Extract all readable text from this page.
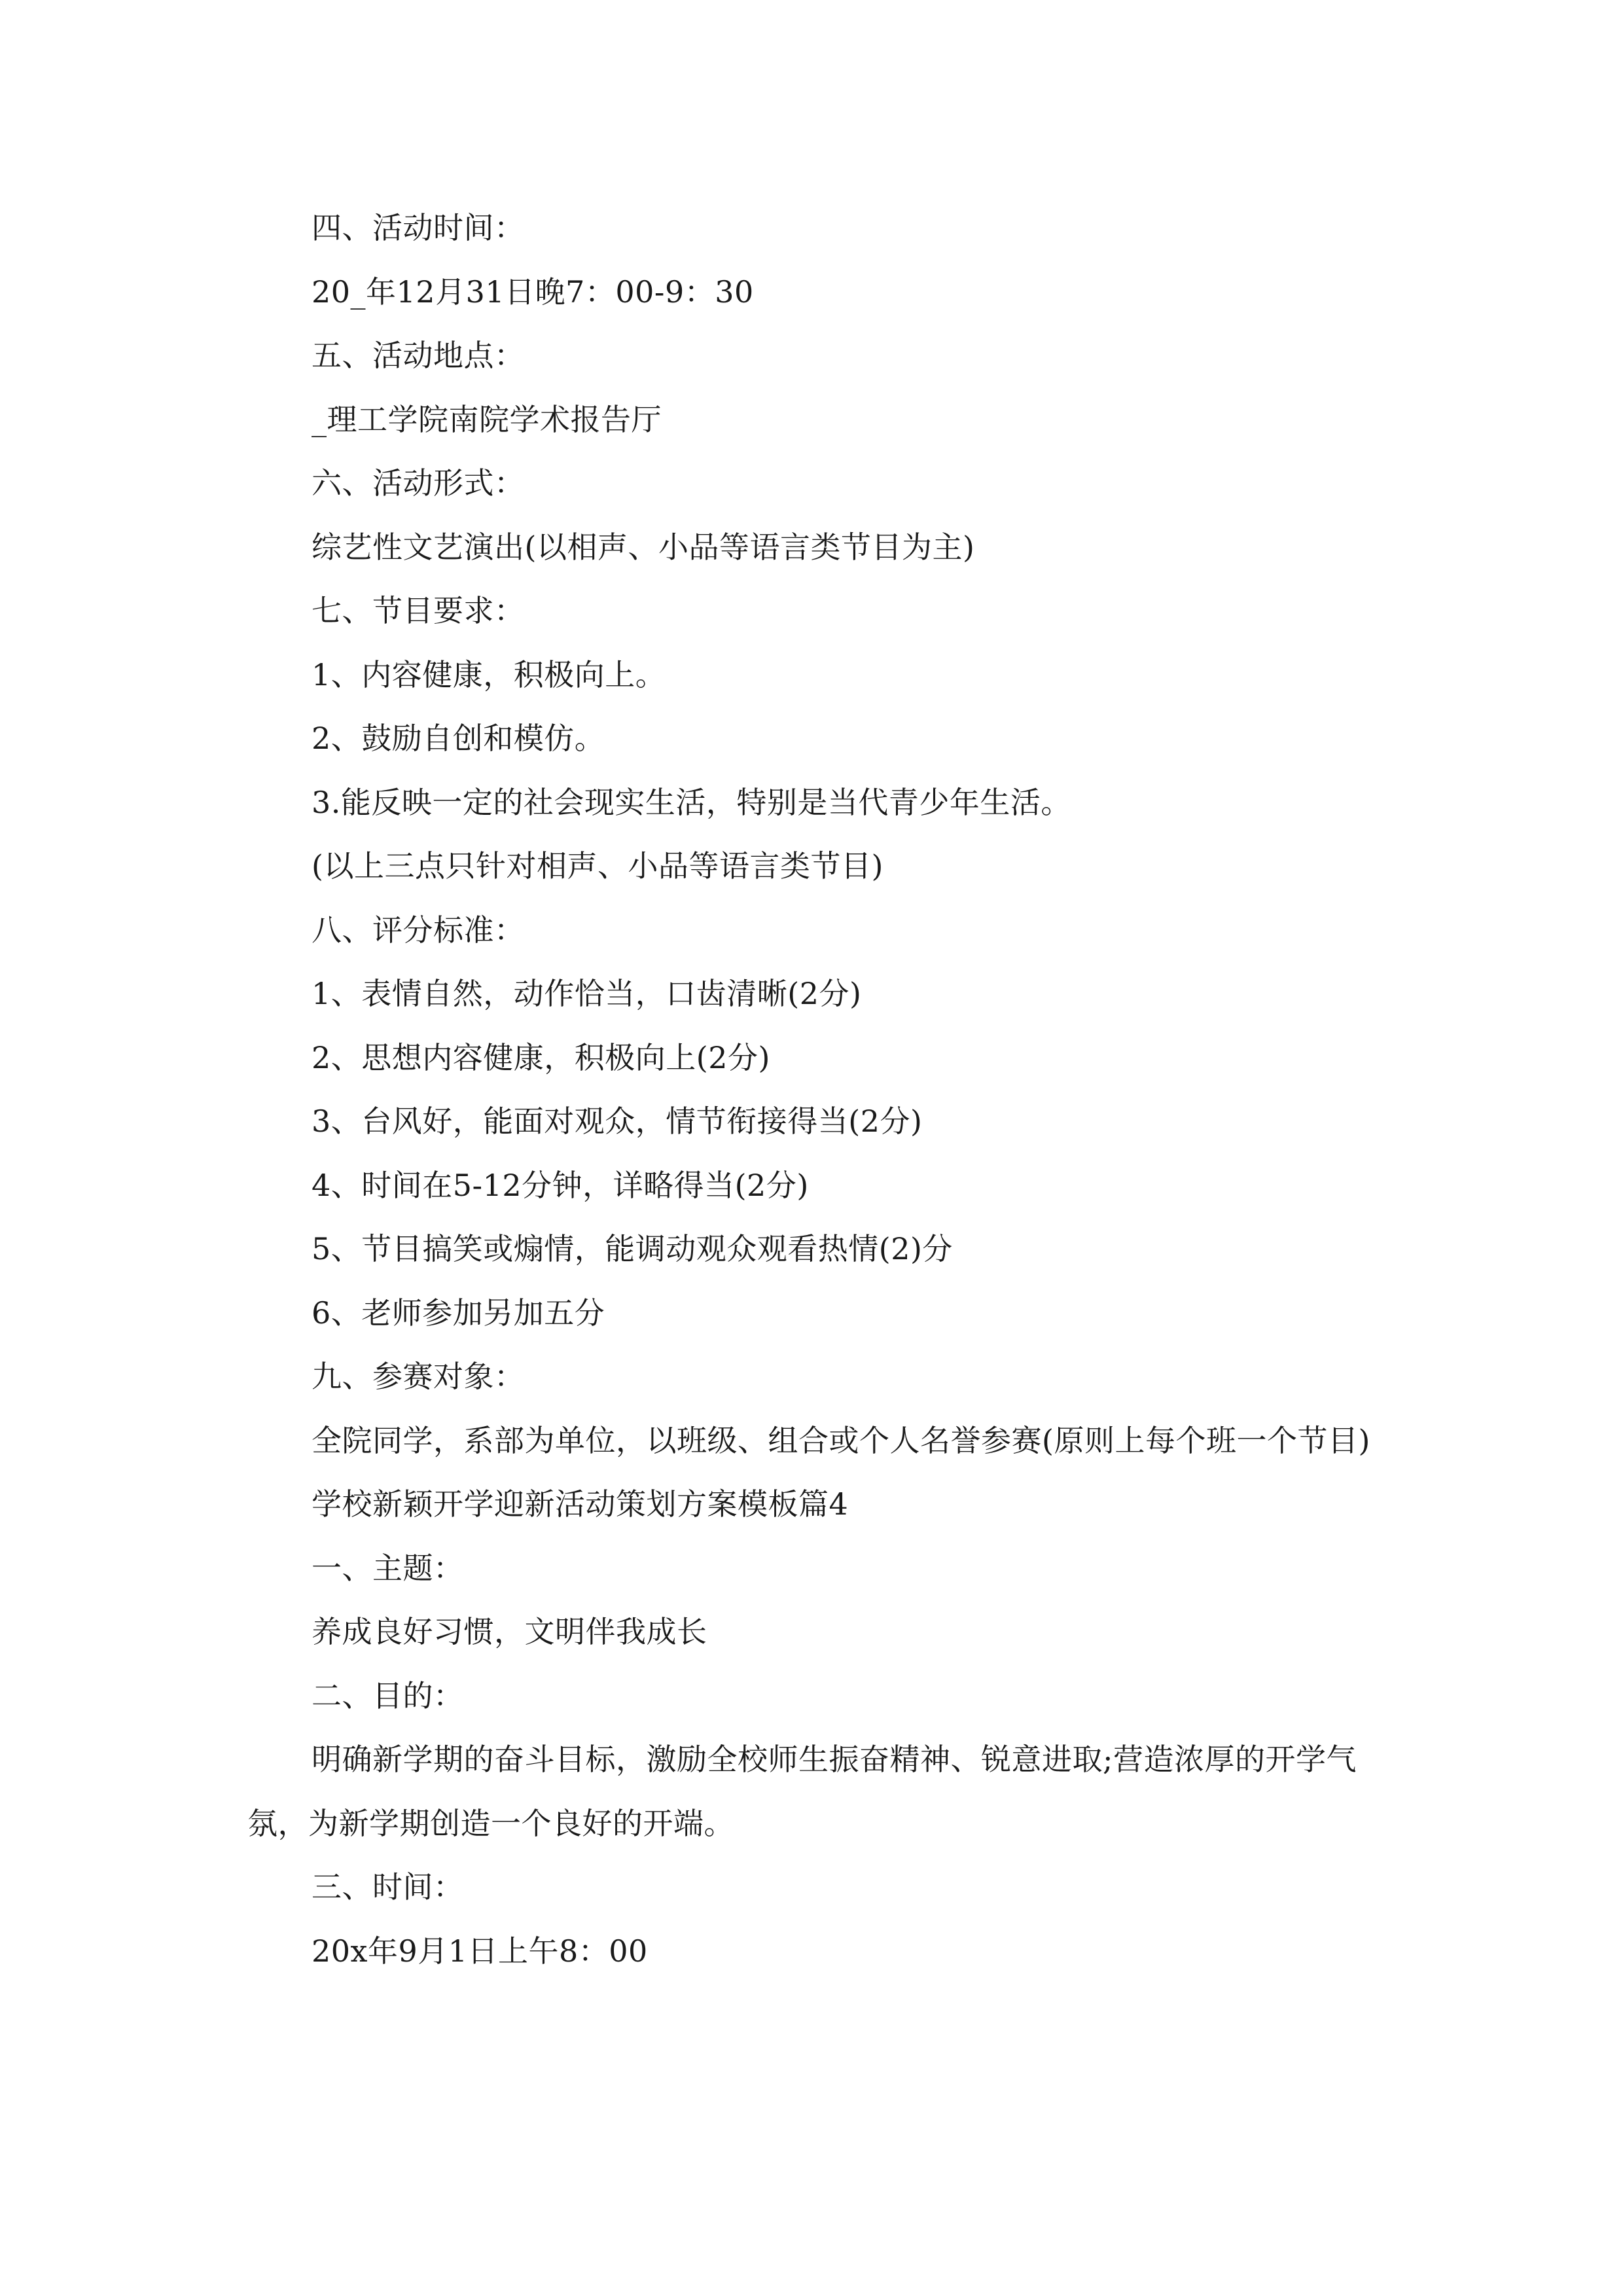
四、活动时间：

20_年12月31日晚7：00-9：30

五、活动地点：

_理工学院南院学术报告厅

六、活动形式：

综艺性文艺演出(以相声、小品等语言类节目为主)

七、节目要求：

1、内容健康，积极向上。

2、鼓励自创和模仿。

3.能反映一定的社会现实生活，特别是当代青少年生活。

(以上三点只针对相声、小品等语言类节目)

八、评分标准：

1、表情自然，动作恰当，口齿清晰(2分)

2、思想内容健康，积极向上(2分)

3、台风好，能面对观众，情节衔接得当(2分)

4、时间在5-12分钟，详略得当(2分)

5、节目搞笑或煽情，能调动观众观看热情(2)分

6、老师参加另加五分

九、参赛对象：

全院同学，系部为单位，以班级、组合或个人名誉参赛(原则上每个班一个节目)

学校新颖开学迎新活动策划方案模板篇4

一、主题：

养成良好习惯，文明伴我成长

二、目的：

明确新学期的奋斗目标，激励全校师生振奋精神、锐意进取;营造浓厚的开学气氛，为新学期创造一个良好的开端。

三、时间：

20x年9月1日上午8：00
